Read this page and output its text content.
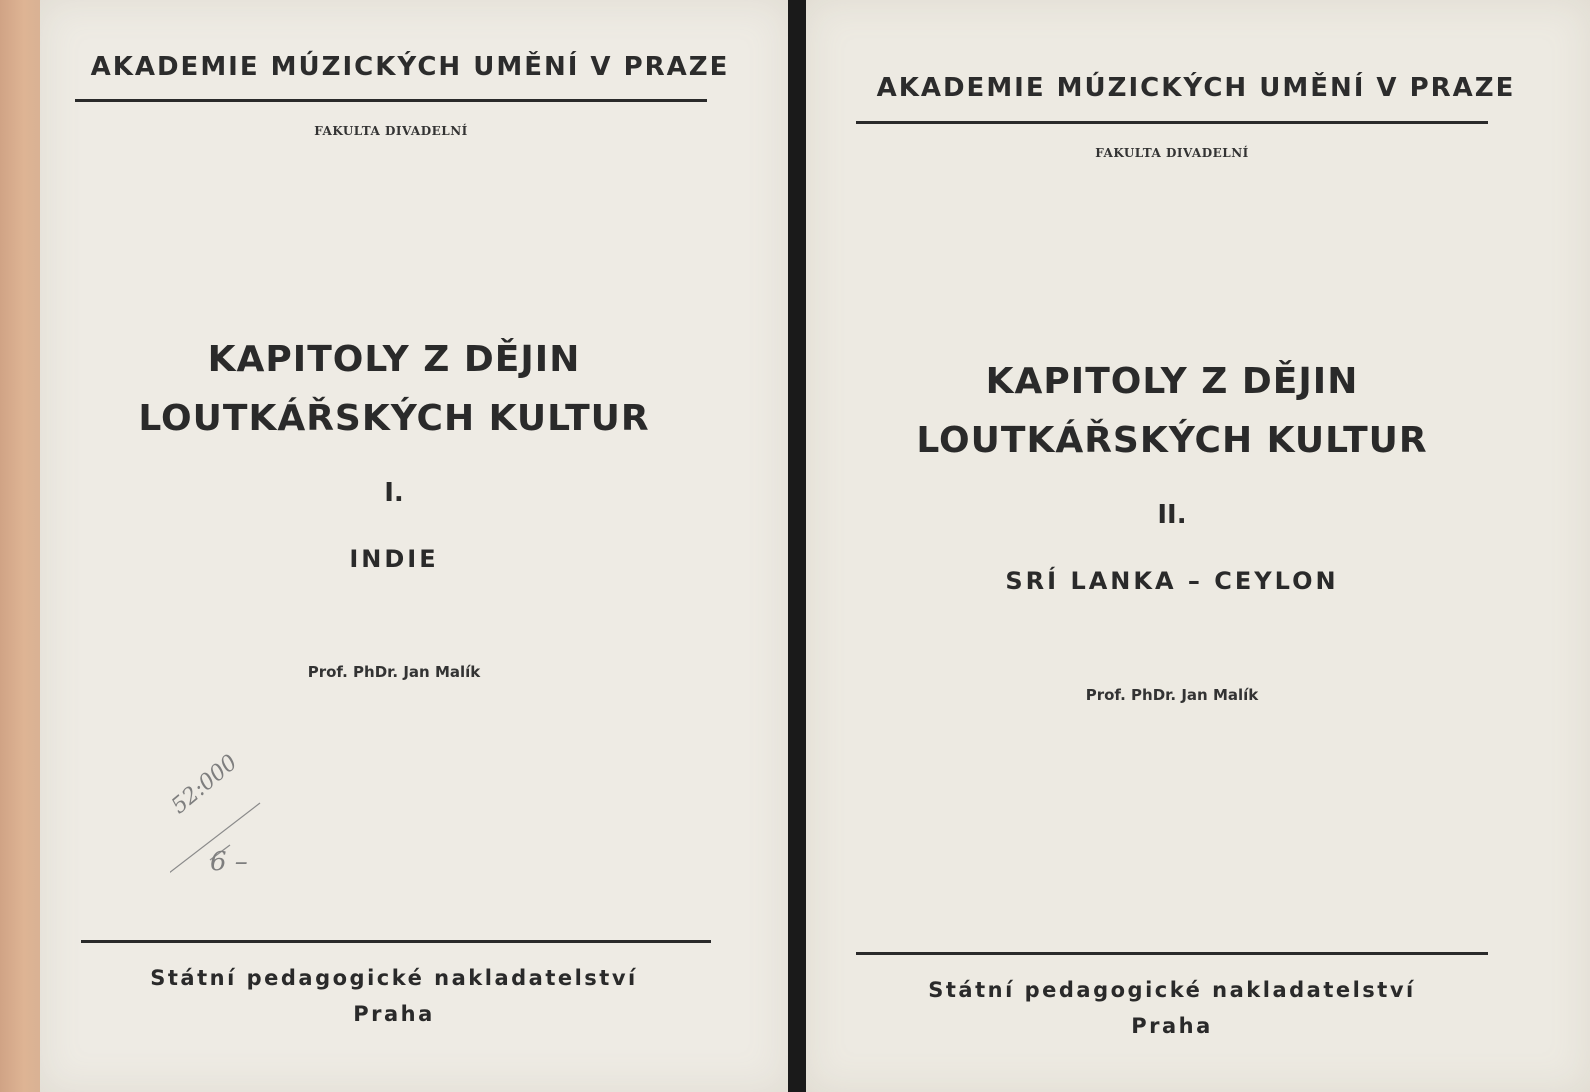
AKADEMIE MÚZICKÝCH UMĚNÍ V PRAZE
FAKULTA DIVADELNÍ
KAPITOLY Z DĚJIN
LOUTKÁŘSKÝCH KULTUR
I.
INDIE
Prof. PhDr. Jan Malík
52:000
6 –
Státní pedagogické nakladatelství
Praha
AKADEMIE MÚZICKÝCH UMĚNÍ V PRAZE
FAKULTA DIVADELNÍ
KAPITOLY Z DĚJIN
LOUTKÁŘSKÝCH KULTUR
II.
SRÍ LANKA – CEYLON
Prof. PhDr. Jan Malík
Státní pedagogické nakladatelství
Praha
